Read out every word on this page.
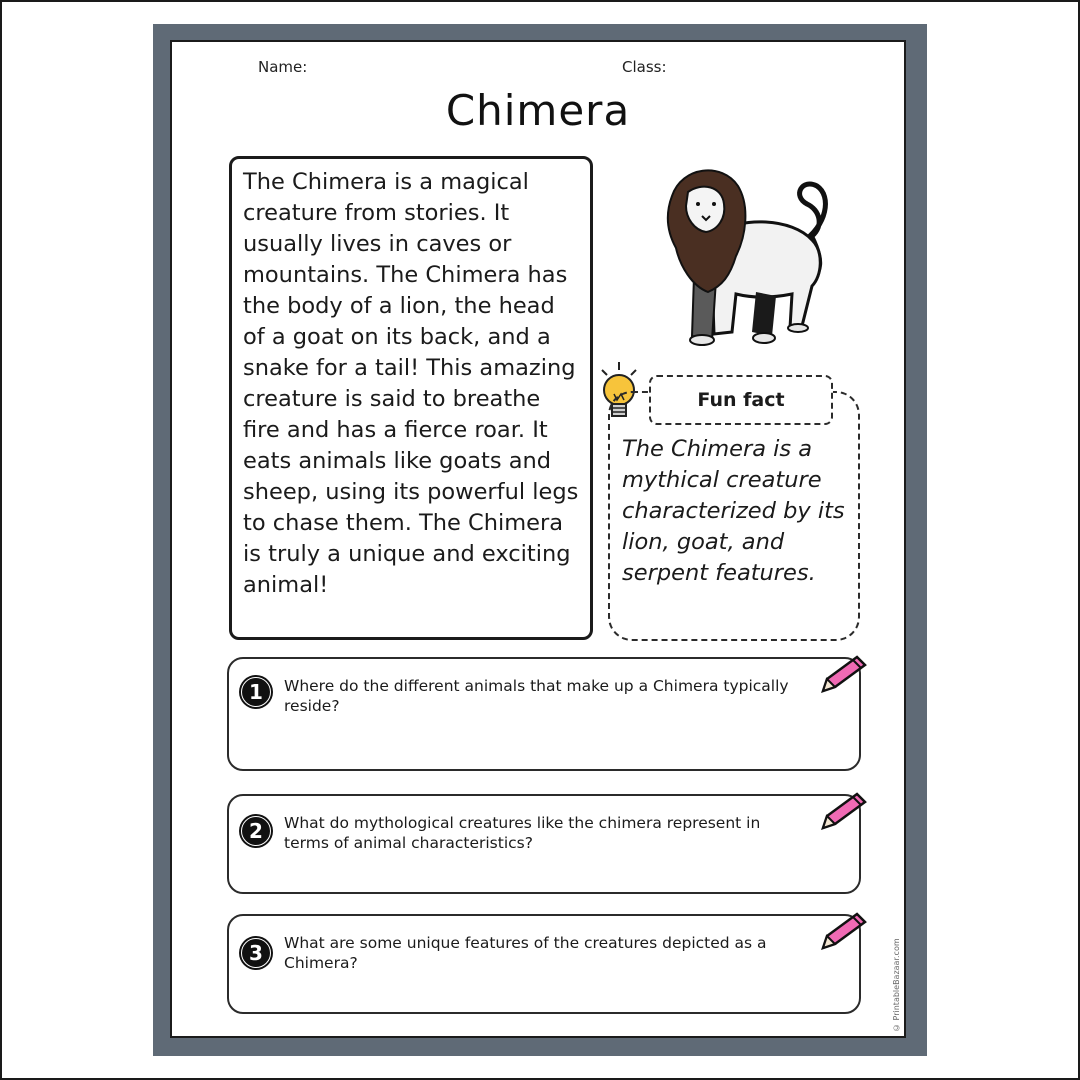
Name:	Class:
Chimera

The Chimera is a magical creature from stories. It usually lives in caves or mountains. The Chimera has the body of a lion, the head of a goat on its back, and a snake for a tail! This amazing creature is said to breathe fire and has a fierce roar. It eats animals like goats and sheep, using its powerful legs to chase them. The Chimera is truly a unique and exciting animal!

Fun fact
The Chimera is a mythical creature characterized by its lion, goat, and serpent features.
1	Where do the different animals that make up a Chimera typically reside?
2	What do mythological creatures like the chimera represent in terms of animal characteristics?
3	What are some unique features of the creatures depicted as a Chimera?	© PrintableBazaar.com
